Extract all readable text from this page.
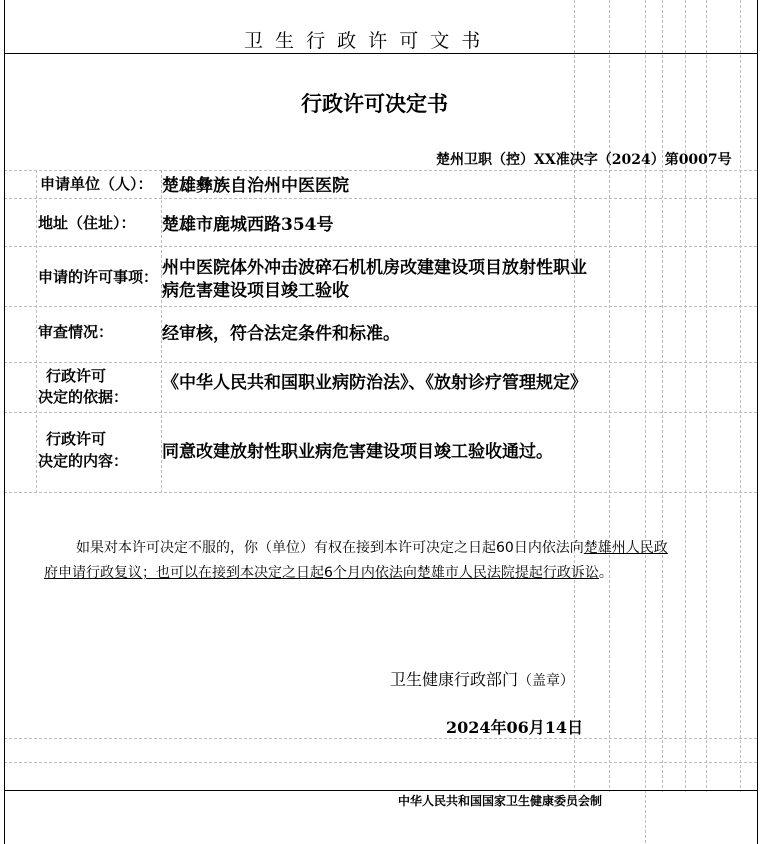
卫 生 行 政 许 可 文 书
行政许可决定书
楚州卫职（控）XX准决字（2024）第0007号
申请单位（人）： 楚雄彝族自治州中医医院
地址（住址）： 楚雄市鹿城西路354号
申请的许可事项： 州中医院体外冲击波碎石机机房改建建设项目放射性职业
病危害建设项目竣工验收
审查情况：	经审核，符合法定条件和标准。
行政许可
决定的依据：
《中华人民共和国职业病防治法》、《放射诊疗管理规定》
行政许可
决定的内容： 同意改建放射性职业病危害建设项目竣工验收通过。
如果对本许可决定不服的，你（单位）有权在接到本许可决定之日起60日内依法向楚雄州人民政
府申请行政复议；也可以在接到本决定之日起6个月内依法向楚雄市人民法院提起行政诉讼。
卫生健康行政部门（盖章）
2024年06月14日
中华人民共和国国家卫生健康委员会制
